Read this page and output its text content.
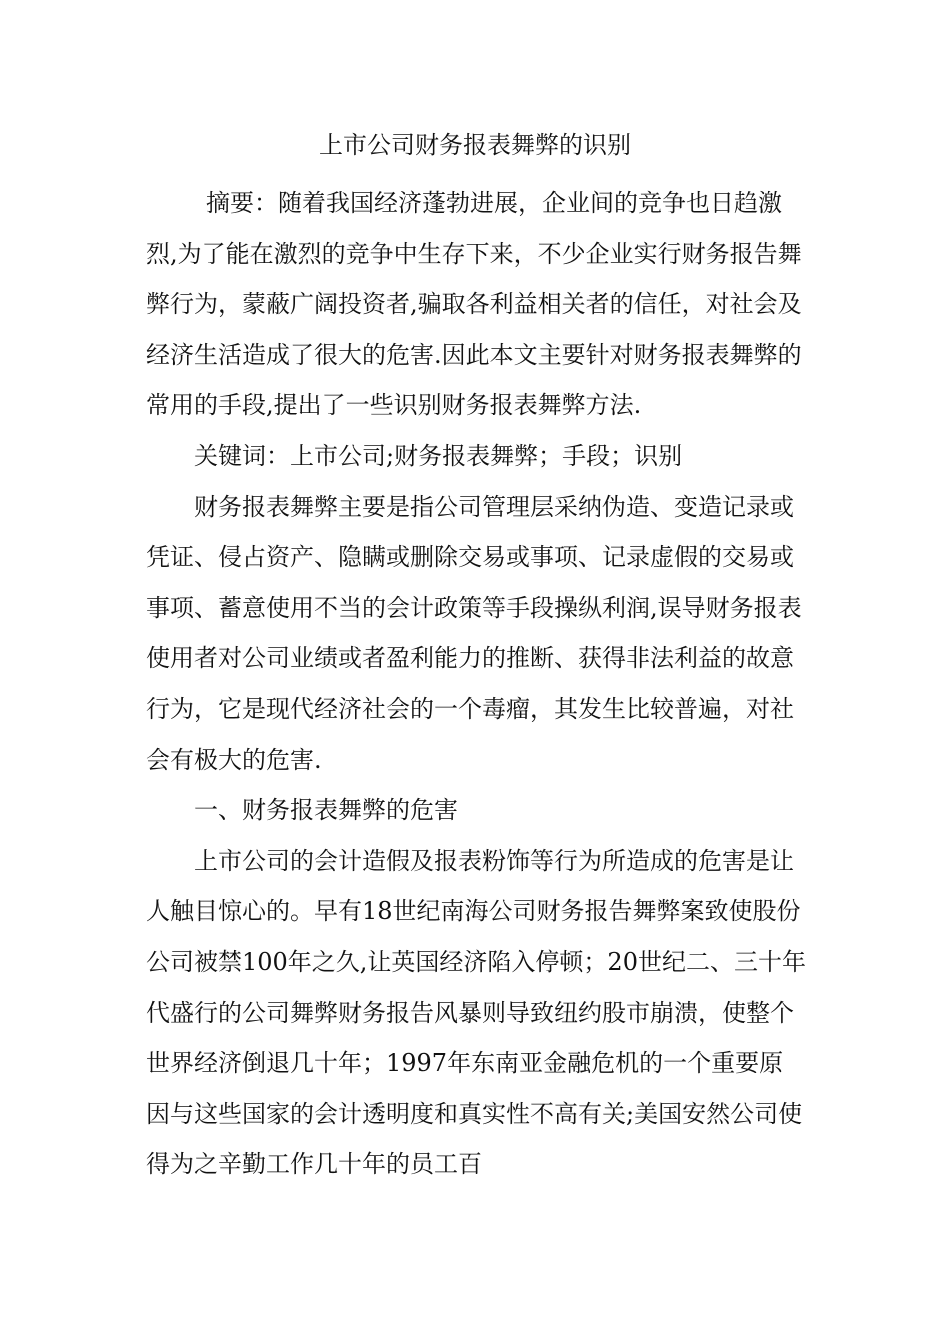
上市公司财务报表舞弊的识别

摘要：随着我国经济蓬勃进展，企业间的竞争也日趋激烈,为了能在激烈的竞争中生存下来，不少企业实行财务报告舞弊行为，蒙蔽广阔投资者,骗取各利益相关者的信任，对社会及经济生活造成了很大的危害.因此本文主要针对财务报表舞弊的常用的手段,提出了一些识别财务报表舞弊方法.

关键词：上市公司;财务报表舞弊；手段；识别

财务报表舞弊主要是指公司管理层采纳伪造、变造记录或凭证、侵占资产、隐瞒或删除交易或事项、记录虚假的交易或事项、蓄意使用不当的会计政策等手段操纵利润,误导财务报表使用者对公司业绩或者盈利能力的推断、获得非法利益的故意行为，它是现代经济社会的一个毒瘤，其发生比较普遍，对社会有极大的危害.

一、财务报表舞弊的危害

上市公司的会计造假及报表粉饰等行为所造成的危害是让人触目惊心的。早有18世纪南海公司财务报告舞弊案致使股份公司被禁100年之久,让英国经济陷入停顿；20世纪二、三十年代盛行的公司舞弊财务报告风暴则导致纽约股市崩溃，使整个世界经济倒退几十年；1997年东南亚金融危机的一个重要原因与这些国家的会计透明度和真实性不高有关;美国安然公司使得为之辛勤工作几十年的员工百
